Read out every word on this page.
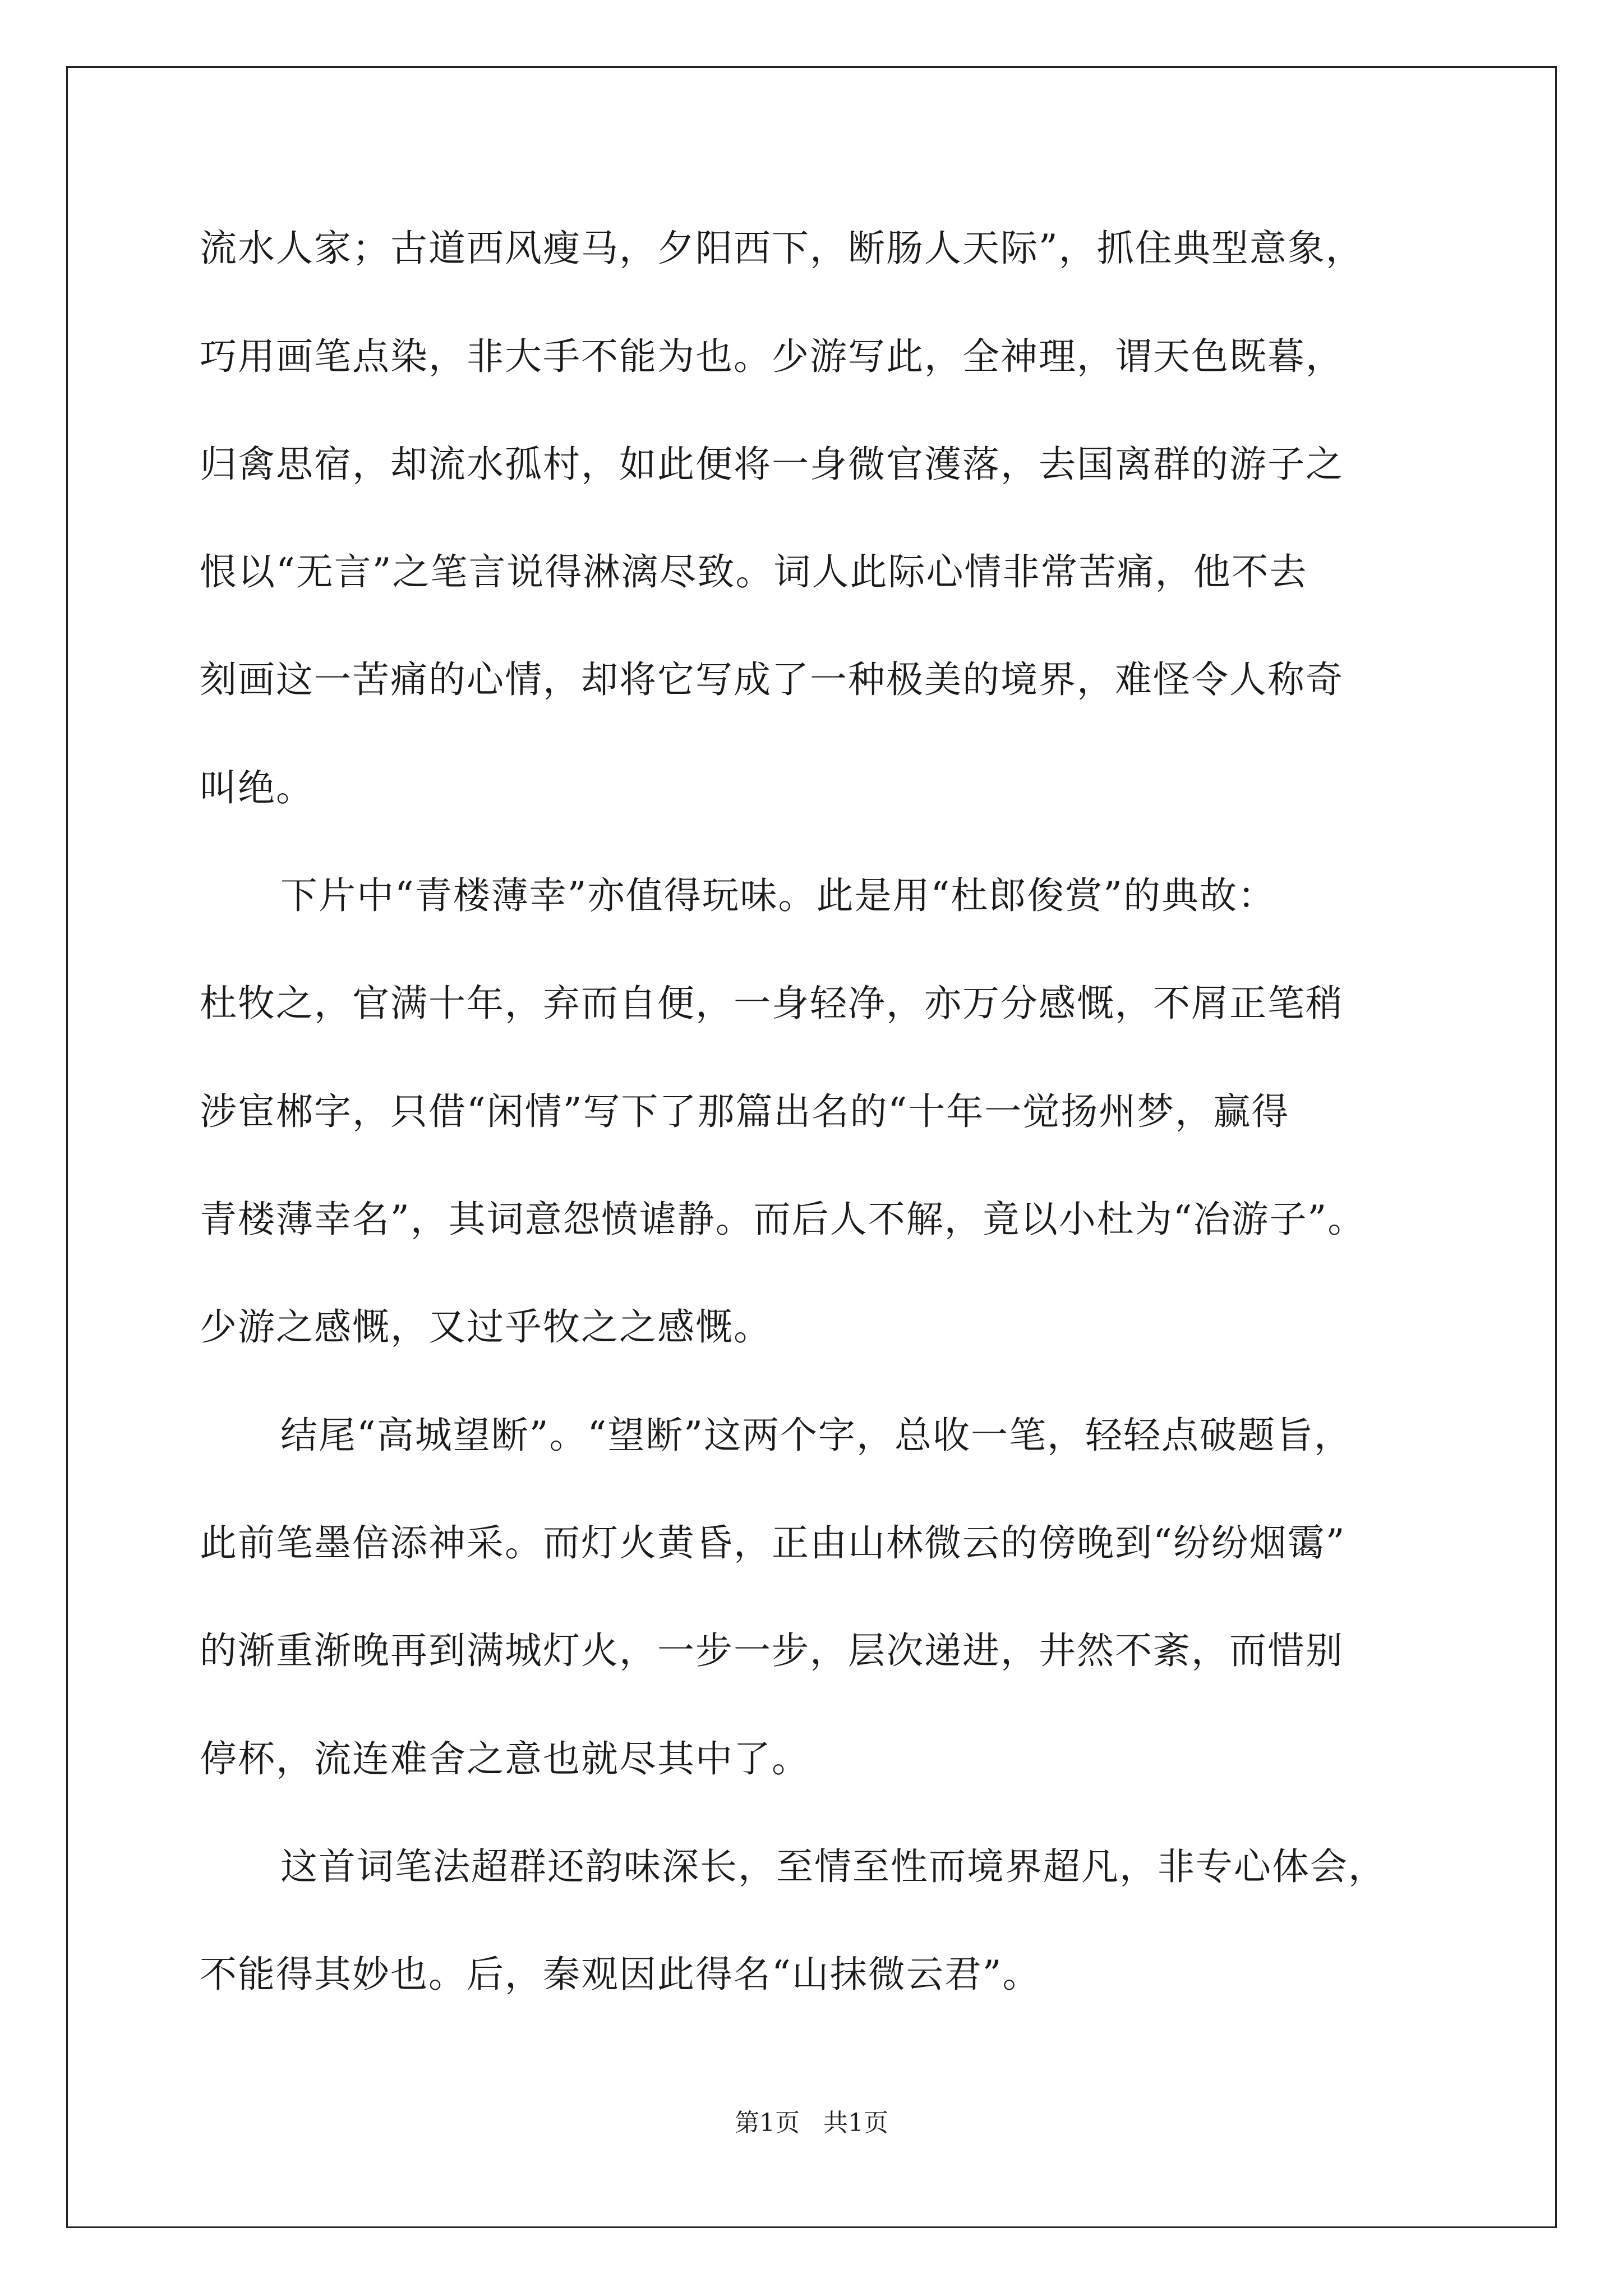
流水人家；古道西风瘦马，夕阳西下，断肠人天际”，抓住典型意象，
巧用画笔点染，非大手不能为也。少游写此，全神理，谓天色既暮，
归禽思宿，却流水孤村，如此便将一身微官濩落，去国离群的游子之
恨以“无言”之笔言说得淋漓尽致。词人此际心情非常苦痛，他不去
刻画这一苦痛的心情，却将它写成了一种极美的境界，难怪令人称奇
叫绝。
下片中“青楼薄幸”亦值得玩味。此是用“杜郎俊赏”的典故：
杜牧之，官满十年，弃而自便，一身轻净，亦万分感慨，不屑正笔稍
涉宦郴字，只借“闲情”写下了那篇出名的“十年一觉扬州梦，赢得
青楼薄幸名”，其词意怨愤谑静。而后人不解，竟以小杜为“冶游子”。
少游之感慨，又过乎牧之之感慨。
结尾“高城望断”。“望断”这两个字，总收一笔，轻轻点破题旨，
此前笔墨倍添神采。而灯火黄昏，正由山林微云的傍晚到“纷纷烟霭”
的渐重渐晚再到满城灯火，一步一步，层次递进，井然不紊，而惜别
停杯，流连难舍之意也就尽其中了。
这首词笔法超群还韵味深长，至情至性而境界超凡，非专心体会，
不能得其妙也。后，秦观因此得名“山抹微云君”。
第1页   共1页
